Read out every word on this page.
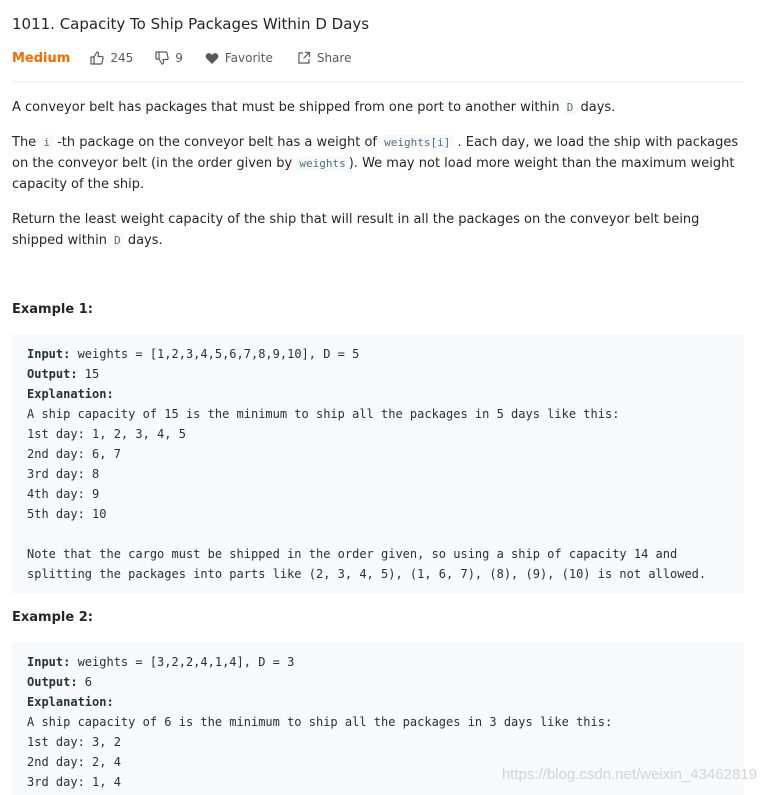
1011. Capacity To Ship Packages Within D Days
Medium	245	9	Favorite	Share

A conveyor belt has packages that must be shipped from one port to another within D days.

The i -th package on the conveyor belt has a weight of weights[i] . Each day, we load the ship with packages on the conveyor belt (in the order given by weights ). We may not load more weight than the maximum weight capacity of the ship.

Return the least weight capacity of the ship that will result in all the packages on the conveyor belt being shipped within D days.

Example 1:
Input: weights = [1,2,3,4,5,6,7,8,9,10], D = 5
Output: 15
Explanation:
A ship capacity of 15 is the minimum to ship all the packages in 5 days like this:
1st day: 1, 2, 3, 4, 5
2nd day: 6, 7
3rd day: 8
4th day: 9
5th day: 10

Note that the cargo must be shipped in the order given, so using a ship of capacity 14 and
splitting the packages into parts like (2, 3, 4, 5), (1, 6, 7), (8), (9), (10) is not allowed.
Example 2:
Input: weights = [3,2,2,4,1,4], D = 3
Output: 6
Explanation:
A ship capacity of 6 is the minimum to ship all the packages in 3 days like this:
1st day: 3, 2
2nd day: 2, 4
3rd day: 1, 4	https://blog.csdn.net/weixin_43462819
